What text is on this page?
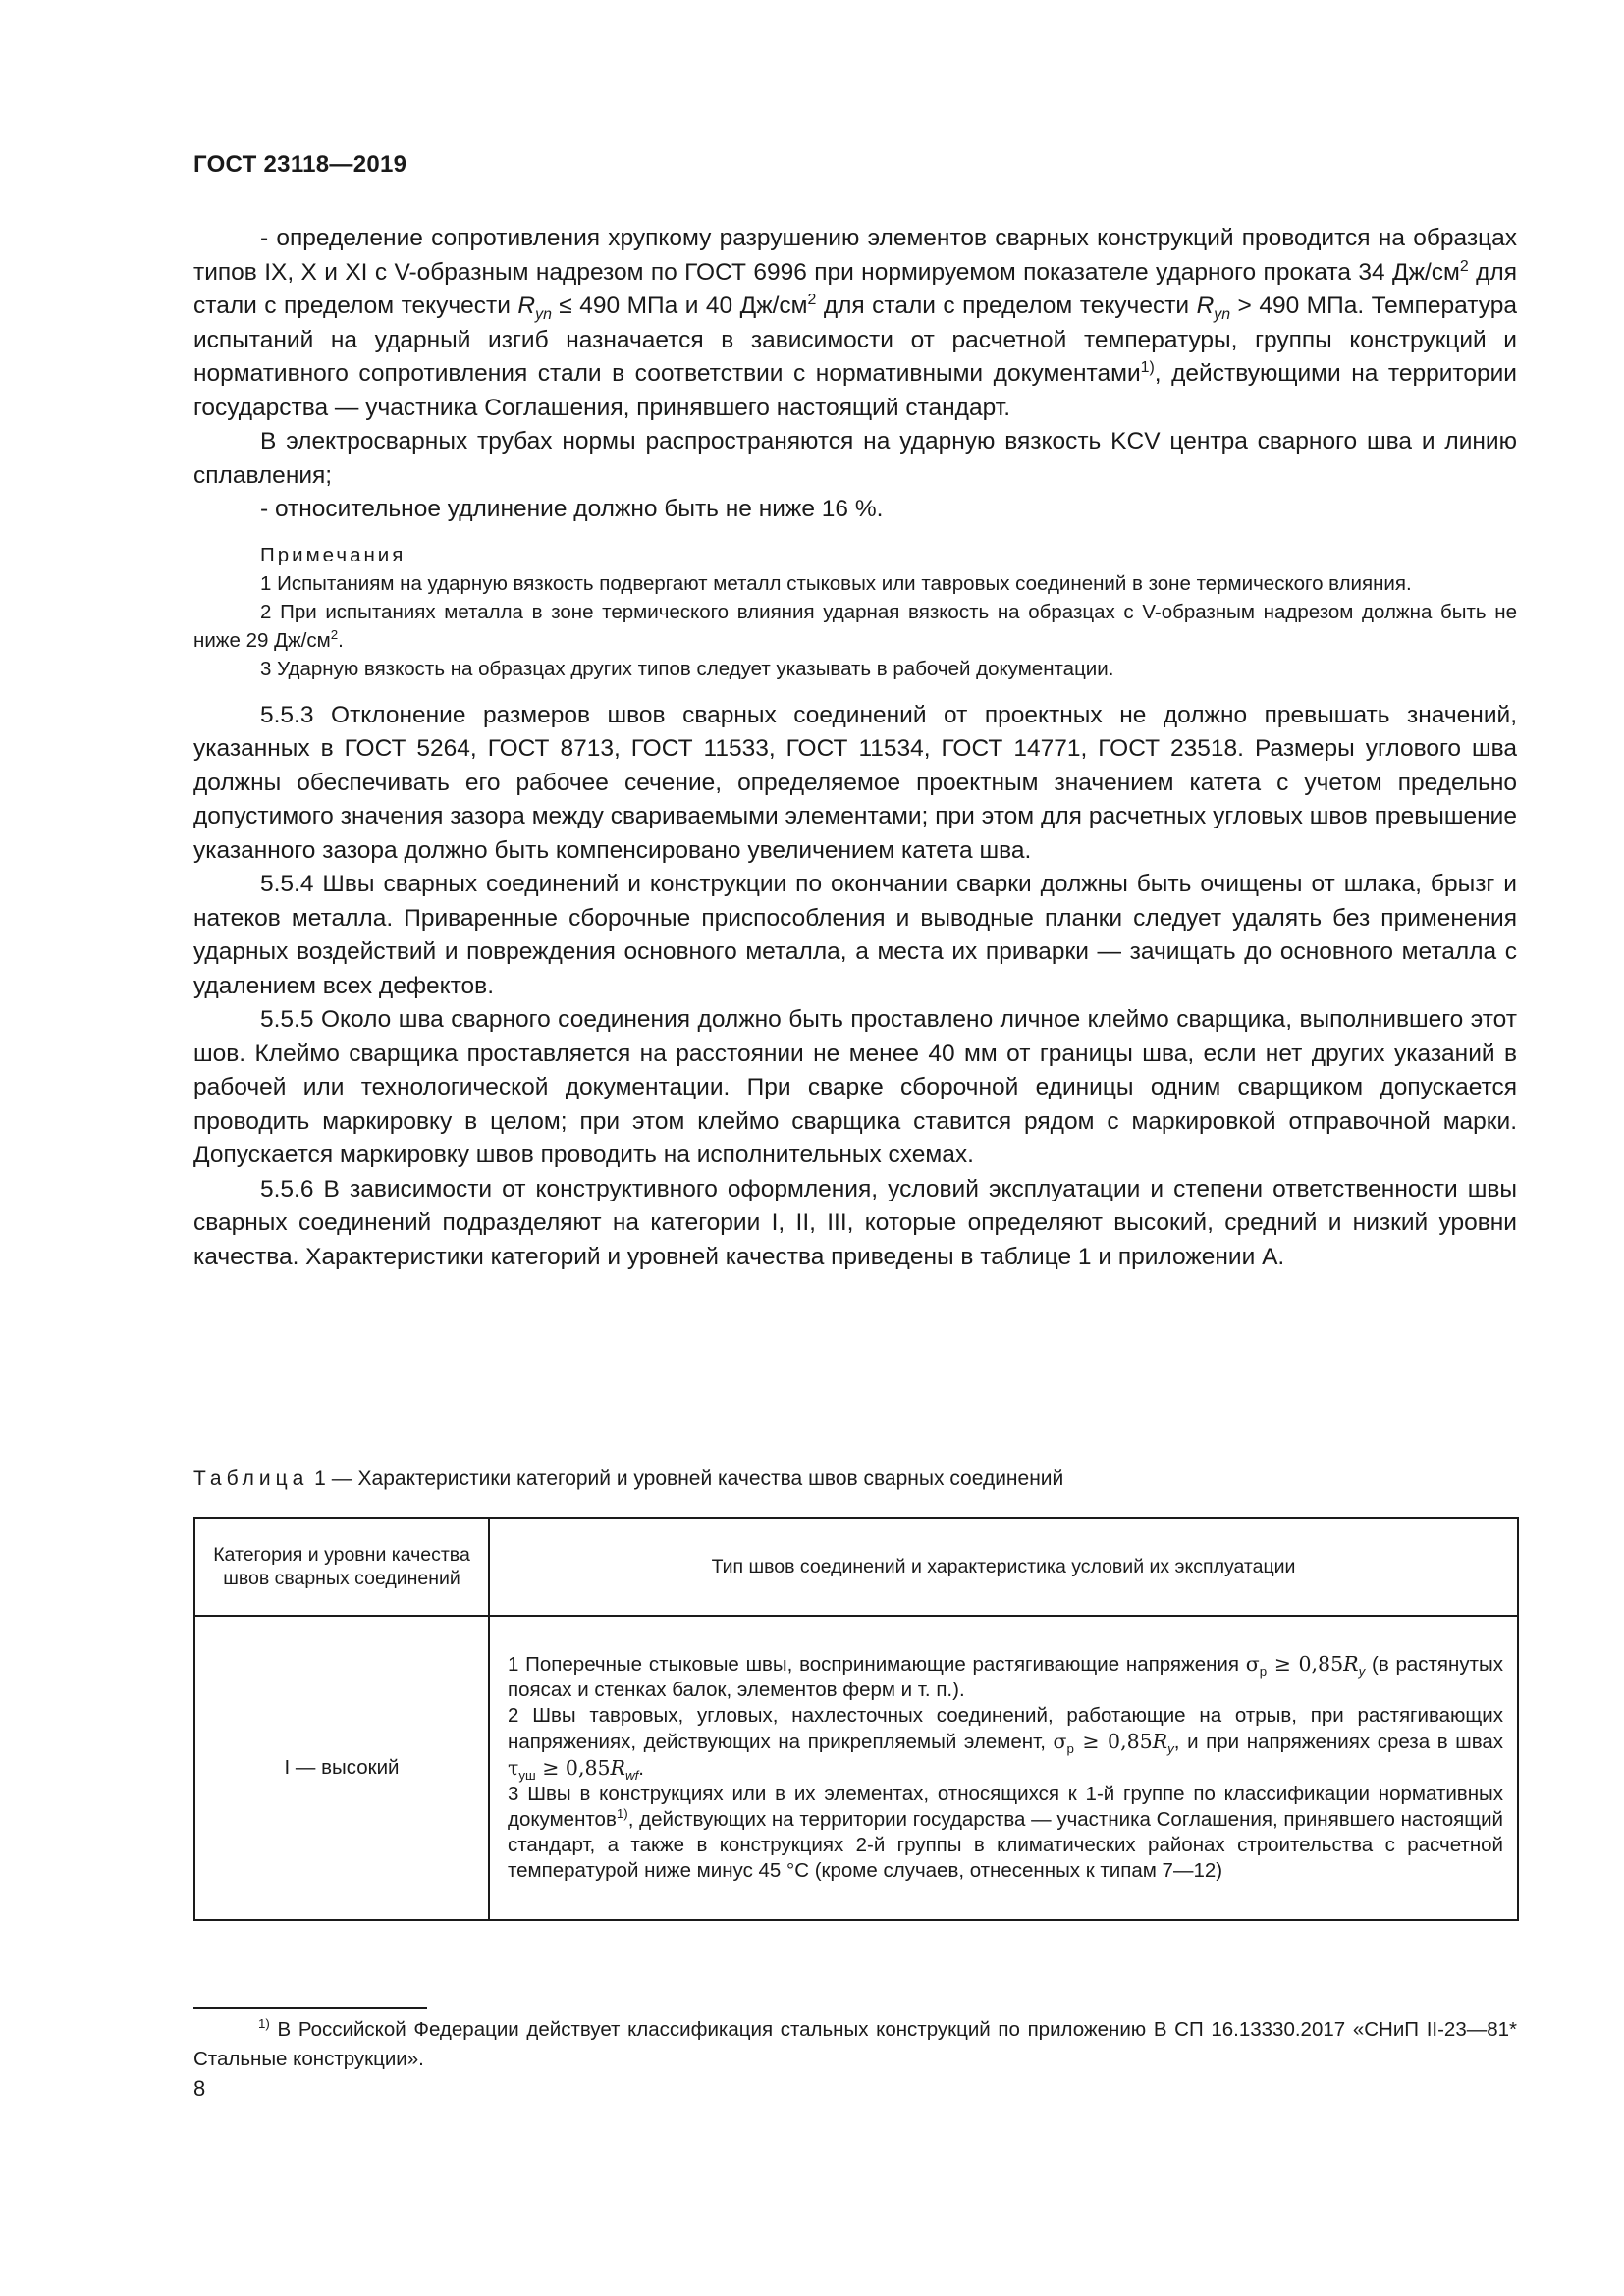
ГОСТ 23118—2019

- определение сопротивления хрупкому разрушению элементов сварных конструкций проводится на образцах типов IX, X и XI с V-образным надрезом по ГОСТ 6996 при нормируемом показателе ударного проката 34 $Дж/см^2$ для стали с пределом текучести $R_{yn} \le 490$ МПа и 40 $Дж/см^2$ для стали с пределом текучести $R_{yn} > 490$ МПа. Температура испытаний на ударный изгиб назначается в зависимости от расчетной температуры, группы конструкций и нормативного сопротивления стали в соответствии с нормативными документами$^{1)}$, действующими на территории государства — участника Соглашения, принявшего настоящий стандарт.

В электросварных трубах нормы распространяются на ударную вязкость KCV центра сварного шва и линию сплавления;

- относительное удлинение должно быть не ниже 16 %.

Примечания

1 Испытаниям на ударную вязкость подвергают металл стыковых или тавровых соединений в зоне термического влияния.

2 При испытаниях металла в зоне термического влияния ударная вязкость на образцах с V-образным надрезом должна быть не ниже 29 $Дж/см^2$.

3 Ударную вязкость на образцах других типов следует указывать в рабочей документации.

5.5.3 Отклонение размеров швов сварных соединений от проектных не должно превышать значений, указанных в ГОСТ 5264, ГОСТ 8713, ГОСТ 11533, ГОСТ 11534, ГОСТ 14771, ГОСТ 23518. Размеры углового шва должны обеспечивать его рабочее сечение, определяемое проектным значением катета с учетом предельно допустимого значения зазора между свариваемыми элементами; при этом для расчетных угловых швов превышение указанного зазора должно быть компенсировано увеличением катета шва.

5.5.4 Швы сварных соединений и конструкции по окончании сварки должны быть очищены от шлака, брызг и натеков металла. Приваренные сборочные приспособления и выводные планки следует удалять без применения ударных воздействий и повреждения основного металла, а места их приварки — зачищать до основного металла с удалением всех дефектов.

5.5.5 Около шва сварного соединения должно быть проставлено личное клеймо сварщика, выполнившего этот шов. Клеймо сварщика проставляется на расстоянии не менее 40 мм от границы шва, если нет других указаний в рабочей или технологической документации. При сварке сборочной единицы одним сварщиком допускается проводить маркировку в целом; при этом клеймо сварщика ставится рядом с маркировкой отправочной марки. Допускается маркировку швов проводить на исполнительных схемах.

5.5.6 В зависимости от конструктивного оформления, условий эксплуатации и степени ответственности швы сварных соединений подразделяют на категории I, II, III, которые определяют высокий, средний и низкий уровни качества. Характеристики категорий и уровней качества приведены в таблице 1 и приложении А.

Таблица 1 — Характеристики категорий и уровней качества швов сварных соединений
Категория и уровни качества швов сварных соединений	Тип швов соединений и характеристика условий их эксплуатации
I — высокий	1 Поперечные стыковые швы, воспринимающие растягивающие напряжения $\sigma_р \ge 0,85R_y$ (в растянутых поясах и стенках балок, элементов ферм и т. п.).
2 Швы тавровых, угловых, нахлесточных соединений, работающие на отрыв, при растягивающих напряжениях, действующих на прикрепляемый элемент, $\sigma_р \ge 0,85R_y$, и при напряжениях среза в швах $\tau_{уш} \ge 0,85R_{wf}$.
3 Швы в конструкциях или в их элементах, относящихся к 1-й группе по классификации нормативных документов$^{1)}$, действующих на территории государства — участника Соглашения, принявшего настоящий стандарт, а также в конструкциях 2-й группы в климатических районах строительства с расчетной температурой ниже минус 45 °С (кроме случаев, отнесенных к типам 7—12)

$^{1)}$ В Российской Федерации действует классификация стальных конструкций по приложению В СП 16.13330.2017 «СНиП II-23—81* Стальные конструкции».

8
